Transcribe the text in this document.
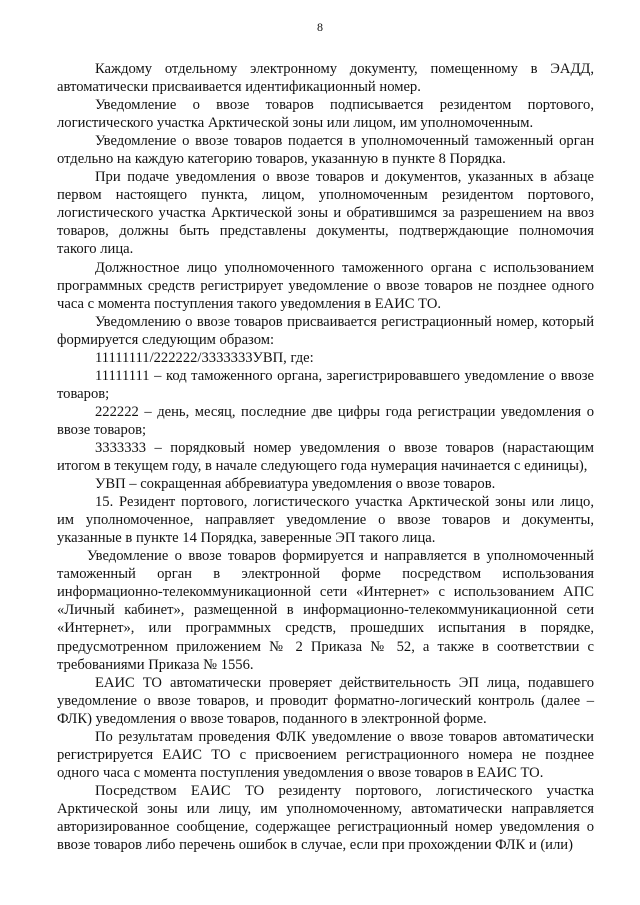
8

Каждому отдельному электронному документу, помещенному в ЭАДД, автоматически присваивается идентификационный номер.

Уведомление о ввозе товаров подписывается резидентом портового, логистического участка Арктической зоны или лицом, им уполномоченным.

Уведомление о ввозе товаров подается в уполномоченный таможенный орган отдельно на каждую категорию товаров, указанную в пункте 8 Порядка.

При подаче уведомления о ввозе товаров и документов, указанных в абзаце первом настоящего пункта, лицом, уполномоченным резидентом портового, логистического участка Арктической зоны и обратившимся за разрешением на ввоз товаров, должны быть представлены документы, подтверждающие полномочия такого лица.

Должностное лицо уполномоченного таможенного органа с использованием программных средств регистрирует уведомление о ввозе товаров не позднее одного часа с момента поступления такого уведомления в ЕАИС ТО.

Уведомлению о ввозе товаров присваивается регистрационный номер, который формируется следующим образом:

11111111/222222/3333333УВП, где:

11111111 – код таможенного органа, зарегистрировавшего уведомление о ввозе товаров;

222222 – день, месяц, последние две цифры года регистрации уведомления о ввозе товаров;

3333333 – порядковый номер уведомления о ввозе товаров (нарастающим итогом в текущем году, в начале следующего года нумерация начинается с единицы),

УВП – сокращенная аббревиатура уведомления о ввозе товаров.

15. Резидент портового, логистического участка Арктической зоны или лицо, им уполномоченное, направляет уведомление о ввозе товаров и документы, указанные в пункте 14 Порядка, заверенные ЭП такого лица.

Уведомление о ввозе товаров формируется и направляется в уполномоченный таможенный орган в электронной форме посредством использования информационно-телекоммуникационной сети «Интернет» с использованием АПС «Личный кабинет», размещенной в информационно-телекоммуникационной сети «Интернет», или программных средств, прошедших испытания в порядке, предусмотренном приложением № 2 Приказа № 52, а также в соответствии с требованиями Приказа № 1556.

ЕАИС ТО автоматически проверяет действительность ЭП лица, подавшего уведомление о ввозе товаров, и проводит форматно-логический контроль (далее – ФЛК) уведомления о ввозе товаров, поданного в электронной форме.

По результатам проведения ФЛК уведомление о ввозе товаров автоматически регистрируется ЕАИС ТО с присвоением регистрационного номера не позднее одного часа с момента поступления уведомления о ввозе товаров в ЕАИС ТО.

Посредством ЕАИС ТО резиденту портового, логистического участка Арктической зоны или лицу, им уполномоченному, автоматически направляется авторизированное сообщение, содержащее регистрационный номер уведомления о ввозе товаров либо перечень ошибок в случае, если при прохождении ФЛК и (или)
